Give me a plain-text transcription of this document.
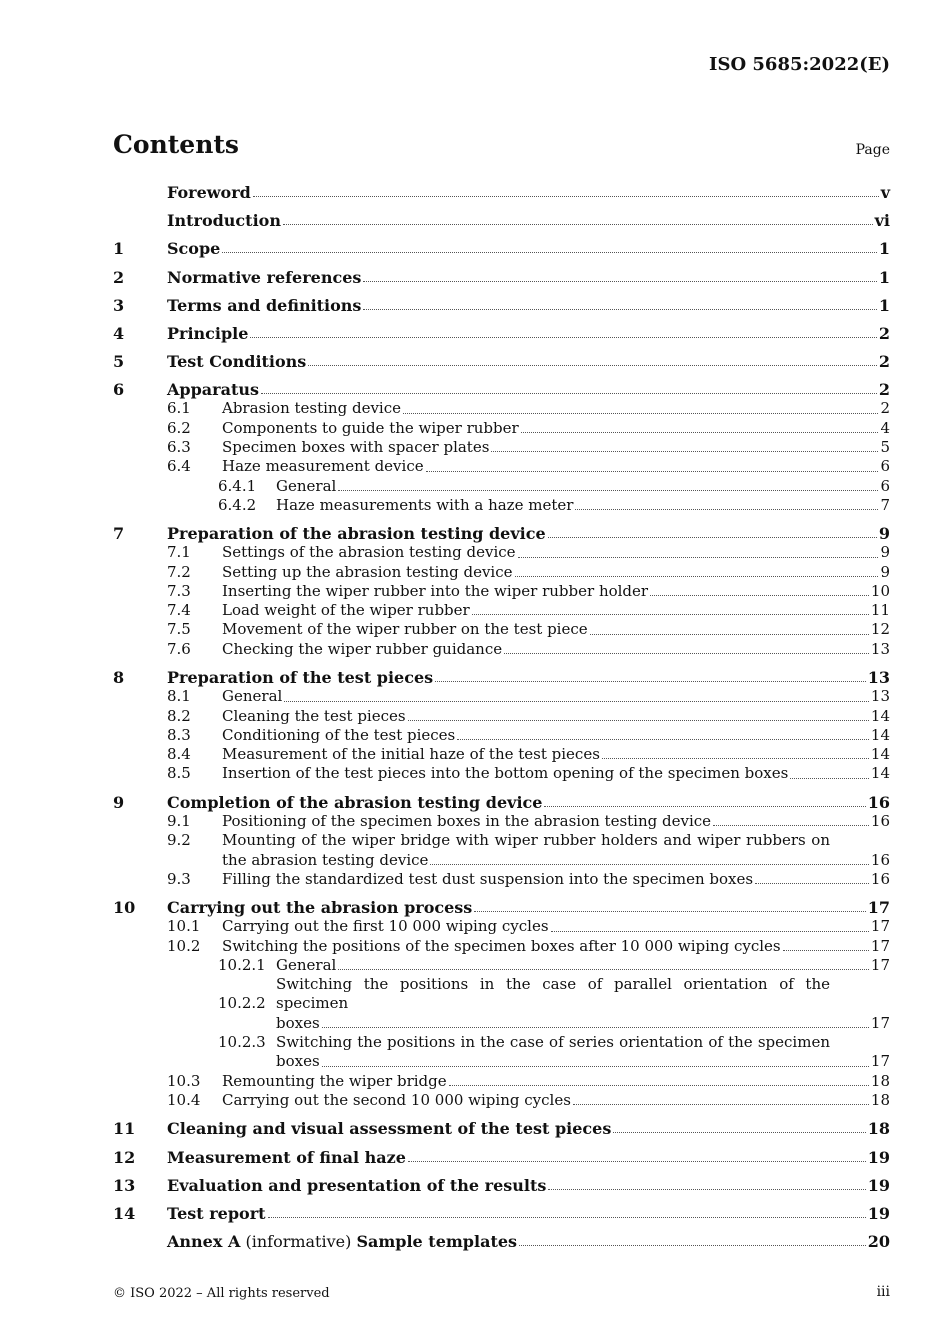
ISO 5685:2022(E)
Contents	Page
Foreword	v
Introduction	vi
1	Scope	1
2	Normative references	1
3	Terms and definitions	1
4	Principle	2
5	Test Conditions	2
6	Apparatus	2
6.1	Abrasion testing device	2
6.2	Components to guide the wiper rubber	4
6.3	Specimen boxes with spacer plates	5
6.4	Haze measurement device	6
6.4.1	General	6
6.4.2	Haze measurements with a haze meter	7
7	Preparation of the abrasion testing device	9
7.1	Settings of the abrasion testing device	9
7.2	Setting up the abrasion testing device	9
7.3	Inserting the wiper rubber into the wiper rubber holder	10
7.4	Load weight of the wiper rubber	11
7.5	Movement of the wiper rubber on the test piece	12
7.6	Checking the wiper rubber guidance	13
8	Preparation of the test pieces	13
8.1	General	13
8.2	Cleaning the test pieces	14
8.3	Conditioning of the test pieces	14
8.4	Measurement of the initial haze of the test pieces	14
8.5	Insertion of the test pieces into the bottom opening of the specimen boxes	14
9	Completion of the abrasion testing device	16
9.1	Positioning of the specimen boxes in the abrasion testing device	16
9.2	Mounting of the wiper bridge with wiper rubber holders and wiper rubbers on
the abrasion testing device	16
9.3	Filling the standardized test dust suspension into the specimen boxes	16
10	Carrying out the abrasion process	17
10.1	Carrying out the first 10 000 wiping cycles	17
10.2	Switching the positions of the specimen boxes after 10 000 wiping cycles	17
10.2.1 General	17
10.2.2
Switching the positions in the case of parallel orientation of the specimen
boxes	17
10.2.3 Switching the positions in the case of series orientation of the specimen
boxes	17
10.3	Remounting the wiper bridge	18
10.4	Carrying out the second 10 000 wiping cycles	18
11	Cleaning and visual assessment of the test pieces	18
12	Measurement of final haze	19
13	Evaluation and presentation of the results	19
14	Test report	19
Annex A (informative) Sample templates	20
© ISO 2022 – All rights reserved	iii
